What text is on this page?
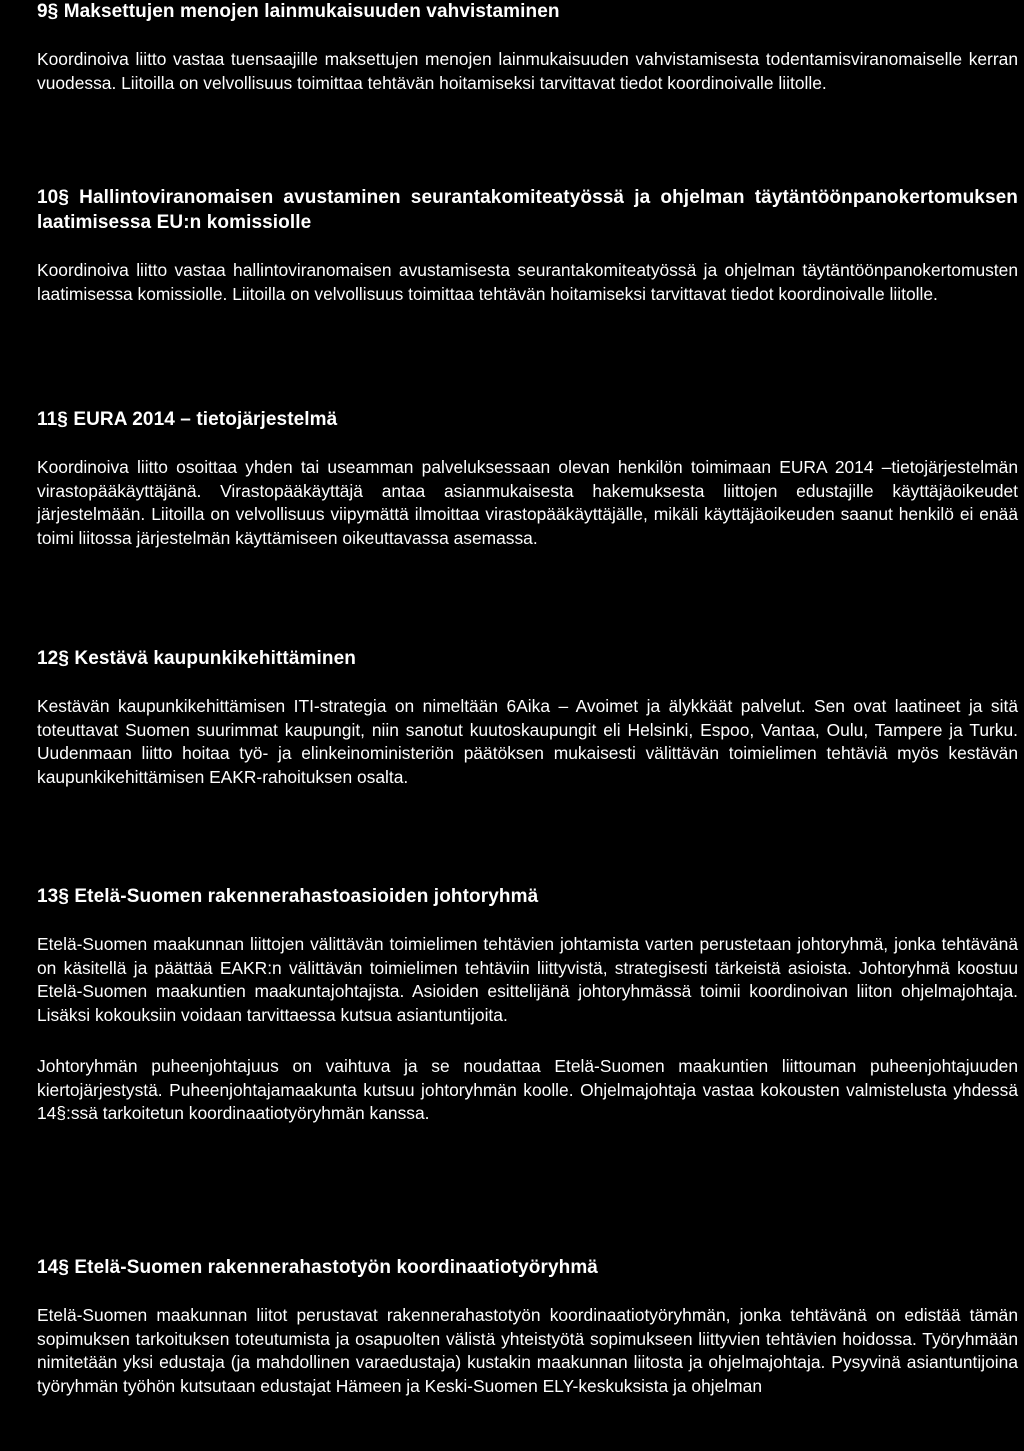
9§ Maksettujen menojen lainmukaisuuden vahvistaminen

Koordinoiva liitto vastaa tuensaajille maksettujen menojen lainmukaisuuden vahvistamisesta todentamisviranomaiselle kerran vuodessa. Liitoilla on velvollisuus toimittaa tehtävän hoitamiseksi tarvittavat tiedot koordinoivalle liitolle.

10§ Hallintoviranomaisen avustaminen seurantakomiteatyössä ja ohjelman täytäntöönpanokertomuksen laatimisessa EU:n komissiolle

Koordinoiva liitto vastaa hallintoviranomaisen avustamisesta seurantakomiteatyössä ja ohjelman täytäntöönpanokertomusten laatimisessa komissiolle. Liitoilla on velvollisuus toimittaa tehtävän hoitamiseksi tarvittavat tiedot koordinoivalle liitolle.

11§ EURA 2014 – tietojärjestelmä

Koordinoiva liitto osoittaa yhden tai useamman palveluksessaan olevan henkilön toimimaan EURA 2014 –tietojärjestelmän virastopääkäyttäjänä. Virastopääkäyttäjä antaa asianmukaisesta hakemuksesta liittojen edustajille käyttäjäoikeudet järjestelmään. Liitoilla on velvollisuus viipymättä ilmoittaa virastopääkäyttäjälle, mikäli käyttäjäoikeuden saanut henkilö ei enää toimi liitossa järjestelmän käyttämiseen oikeuttavassa asemassa.

12§ Kestävä kaupunkikehittäminen

Kestävän kaupunkikehittämisen ITI-strategia on nimeltään 6Aika – Avoimet ja älykkäät palvelut. Sen ovat laatineet ja sitä toteuttavat Suomen suurimmat kaupungit, niin sanotut kuutoskaupungit eli Helsinki, Espoo, Vantaa, Oulu, Tampere ja Turku. Uudenmaan liitto hoitaa työ- ja elinkeinoministeriön päätöksen mukaisesti välittävän toimielimen tehtäviä myös kestävän kaupunkikehittämisen EAKR-rahoituksen osalta.

13§ Etelä-Suomen rakennerahastoasioiden johtoryhmä

Etelä-Suomen maakunnan liittojen välittävän toimielimen tehtävien johtamista varten perustetaan johtoryhmä, jonka tehtävänä on käsitellä ja päättää EAKR:n välittävän toimielimen tehtäviin liittyvistä, strategisesti tärkeistä asioista. Johtoryhmä koostuu Etelä-Suomen maakuntien maakuntajohtajista. Asioiden esittelijänä johtoryhmässä toimii koordinoivan liiton ohjelmajohtaja. Lisäksi kokouksiin voidaan tarvittaessa kutsua asiantuntijoita.

Johtoryhmän puheenjohtajuus on vaihtuva ja se noudattaa Etelä-Suomen maakuntien liittouman puheenjohtajuuden kiertojärjestystä. Puheenjohtajamaakunta kutsuu johtoryhmän koolle. Ohjelmajohtaja vastaa kokousten valmistelusta yhdessä 14§:ssä tarkoitetun koordinaatiotyöryhmän kanssa.

14§ Etelä-Suomen rakennerahastotyön koordinaatiotyöryhmä

Etelä-Suomen maakunnan liitot perustavat rakennerahastotyön koordinaatiotyöryhmän, jonka tehtävänä on edistää tämän sopimuksen tarkoituksen toteutumista ja osapuolten välistä yhteistyötä sopimukseen liittyvien tehtävien hoidossa. Työryhmään nimitetään yksi edustaja (ja mahdollinen varaedustaja) kustakin maakunnan liitosta ja ohjelmajohtaja. Pysyvinä asiantuntijoina työryhmän työhön kutsutaan edustajat Hämeen ja Keski-Suomen ELY-keskuksista ja ohjelman
